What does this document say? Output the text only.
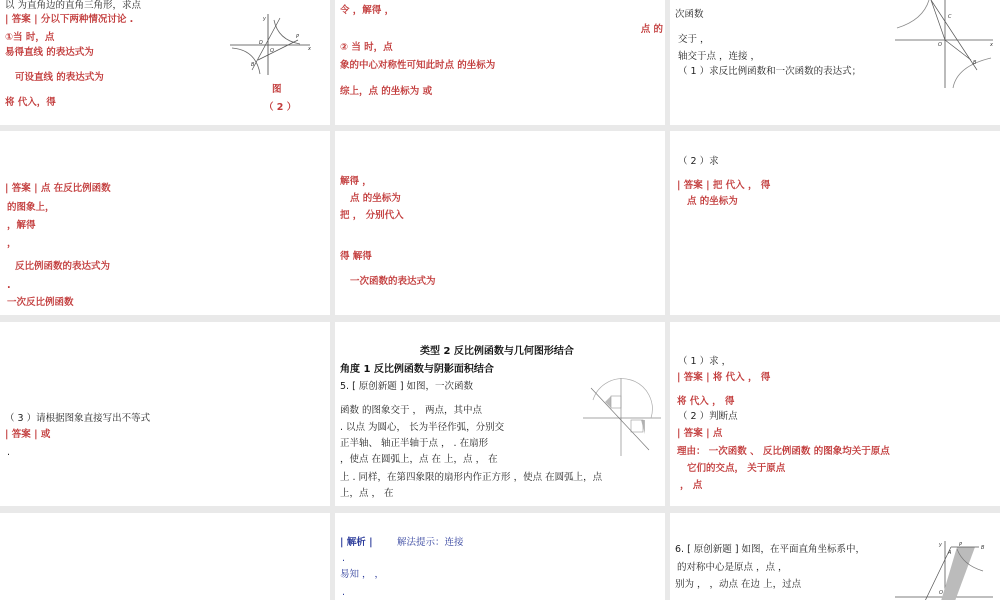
以 为直角边的直角三角形，求点
| 答案 | 分以下两种情况讨论 .
①当 时，点
易得直线 的表达式为
可设直线 的表达式为
将 代入，得
y
x
O
D
P
B
图
（ 2 ）
令 ，解得 ，
点 的
② 当 时，点
象的中心对称性可知此时点 的坐标为
综上，点 的坐标为 或
次函数
交于 ，
轴交于点 ，连接 ，
（ 1 ）求反比例函数和一次函数的表达式；
C
O
B
x
| 答案 | 点 在反比例函数
的图象上，
，解得
，
反比例函数的表达式为
.
一次反比例函数
解得 ，
点 的坐标为
把 ， 分别代入
得 解得
一次函数的表达式为
（ 2 ）求
| 答案 | 把 代入 ， 得
点 的坐标为
（ 3 ）请根据图象直接写出不等式
| 答案 | 或
.
类型 2 反比例函数与几何图形结合
角度 1 反比例函数与阴影面积结合
5. [ 原创新题 ] 如图，一次函数
函数 的图象交于 ， 两点，其中点
. 以点 为圆心， 长为半径作弧，分别交
正半轴、 轴正半轴于点 ， . 在扇形
，使点 在圆弧上，点 在 上，点 ， 在
上 . 同样，在第四象限的扇形内作正方形 ，使点 在圆弧上，点
上，点 ， 在
（ 1 ）求 ，
| 答案 | 将 代入 ， 得
将 代入 ， 得
（ 2 ）判断点
| 答案 | 点
理由： 一次函数 、 反比例函数 的图象均关于原点
它们的交点， 关于原点
， 点
| 解析 |	解法提示：连接
.
易知 ， ，
.
6. [ 原创新题 ] 如图，在平面直角坐标系中，
的对称中心是原点 ，点 ，
别为 ， ，动点 在边 上，过点
A
P	B
O
y
